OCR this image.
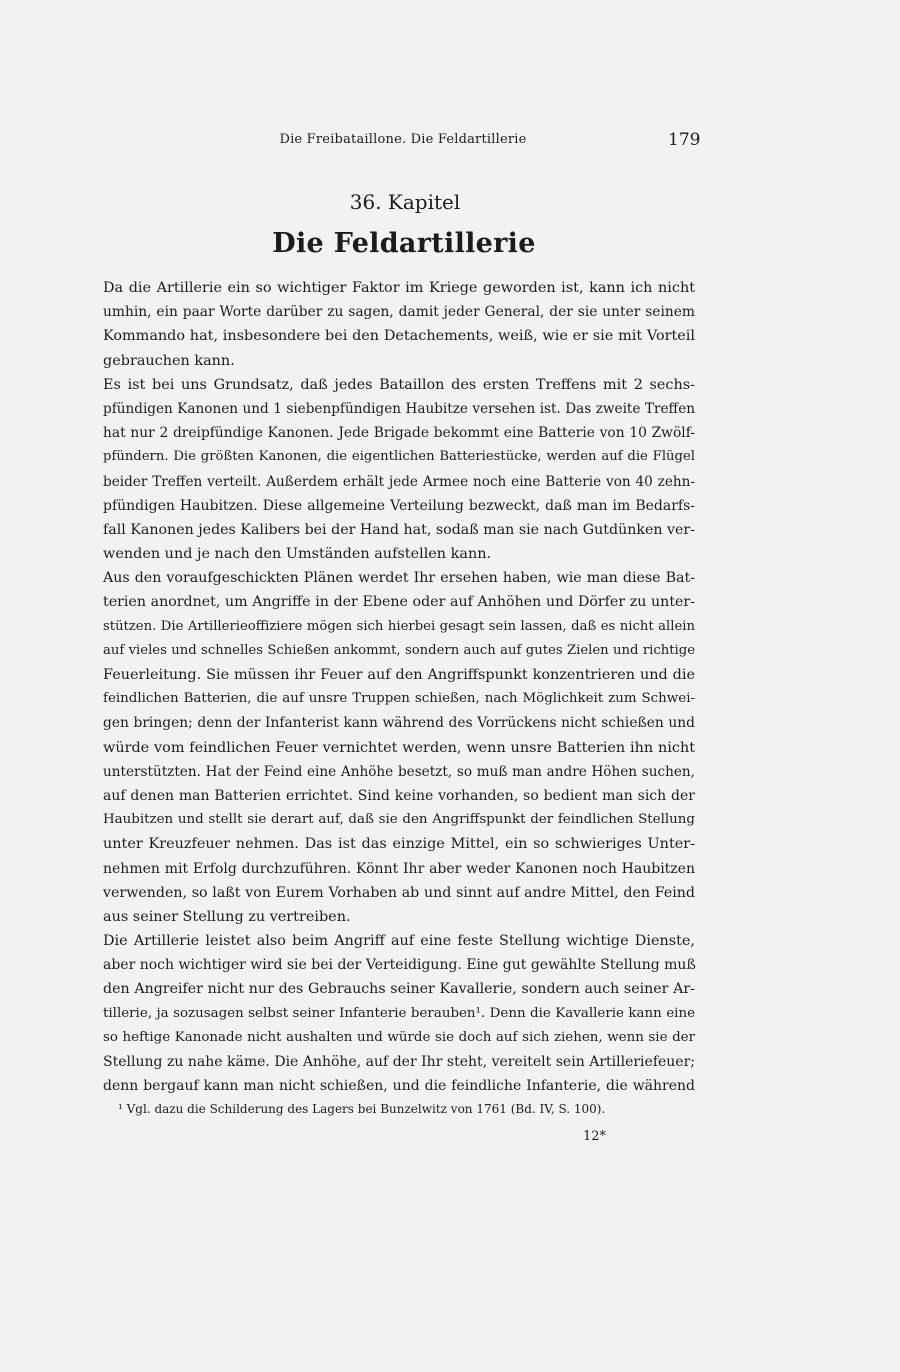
Die Freibataillone. Die Feldartillerie	179
36. Kapitel
Die Feldartillerie
Da die Artillerie ein so wichtiger Faktor im Kriege geworden ist, kann ich nicht
umhin, ein paar Worte darüber zu sagen, damit jeder General, der sie unter seinem
Kommando hat, insbesondere bei den Detachements, weiß, wie er sie mit Vorteil
gebrauchen kann.
Es ist bei uns Grundsatz, daß jedes Bataillon des ersten Treffens mit 2 sechs-
pfündigen Kanonen und 1 siebenpfündigen Haubitze versehen ist. Das zweite Treffen
hat nur 2 dreipfündige Kanonen. Jede Brigade bekommt eine Batterie von 10 Zwölf-
pfündern. Die größten Kanonen, die eigentlichen Batteriestücke, werden auf die Flügel
beider Treffen verteilt. Außerdem erhält jede Armee noch eine Batterie von 40 zehn-
pfündigen Haubitzen. Diese allgemeine Verteilung bezweckt, daß man im Bedarfs-
fall Kanonen jedes Kalibers bei der Hand hat, sodaß man sie nach Gutdünken ver-
wenden und je nach den Umständen aufstellen kann.
Aus den voraufgeschickten Plänen werdet Ihr ersehen haben, wie man diese Bat-
terien anordnet, um Angriffe in der Ebene oder auf Anhöhen und Dörfer zu unter-
stützen. Die Artillerieoffiziere mögen sich hierbei gesagt sein lassen, daß es nicht allein
auf vieles und schnelles Schießen ankommt, sondern auch auf gutes Zielen und richtige
Feuerleitung. Sie müssen ihr Feuer auf den Angriffspunkt konzentrieren und die
feindlichen Batterien, die auf unsre Truppen schießen, nach Möglichkeit zum Schwei-
gen bringen; denn der Infanterist kann während des Vorrückens nicht schießen und
würde vom feindlichen Feuer vernichtet werden, wenn unsre Batterien ihn nicht
unterstützten. Hat der Feind eine Anhöhe besetzt, so muß man andre Höhen suchen,
auf denen man Batterien errichtet. Sind keine vorhanden, so bedient man sich der
Haubitzen und stellt sie derart auf, daß sie den Angriffspunkt der feindlichen Stellung
unter Kreuzfeuer nehmen. Das ist das einzige Mittel, ein so schwieriges Unter-
nehmen mit Erfolg durchzuführen. Könnt Ihr aber weder Kanonen noch Haubitzen
verwenden, so laßt von Eurem Vorhaben ab und sinnt auf andre Mittel, den Feind
aus seiner Stellung zu vertreiben.
Die Artillerie leistet also beim Angriff auf eine feste Stellung wichtige Dienste,
aber noch wichtiger wird sie bei der Verteidigung. Eine gut gewählte Stellung muß
den Angreifer nicht nur des Gebrauchs seiner Kavallerie, sondern auch seiner Ar-
tillerie, ja sozusagen selbst seiner Infanterie berauben¹. Denn die Kavallerie kann eine
so heftige Kanonade nicht aushalten und würde sie doch auf sich ziehen, wenn sie der
Stellung zu nahe käme. Die Anhöhe, auf der Ihr steht, vereitelt sein Artilleriefeuer;
denn bergauf kann man nicht schießen, und die feindliche Infanterie, die während
¹ Vgl. dazu die Schilderung des Lagers bei Bunzelwitz von 1761 (Bd. IV, S. 100).
12*
